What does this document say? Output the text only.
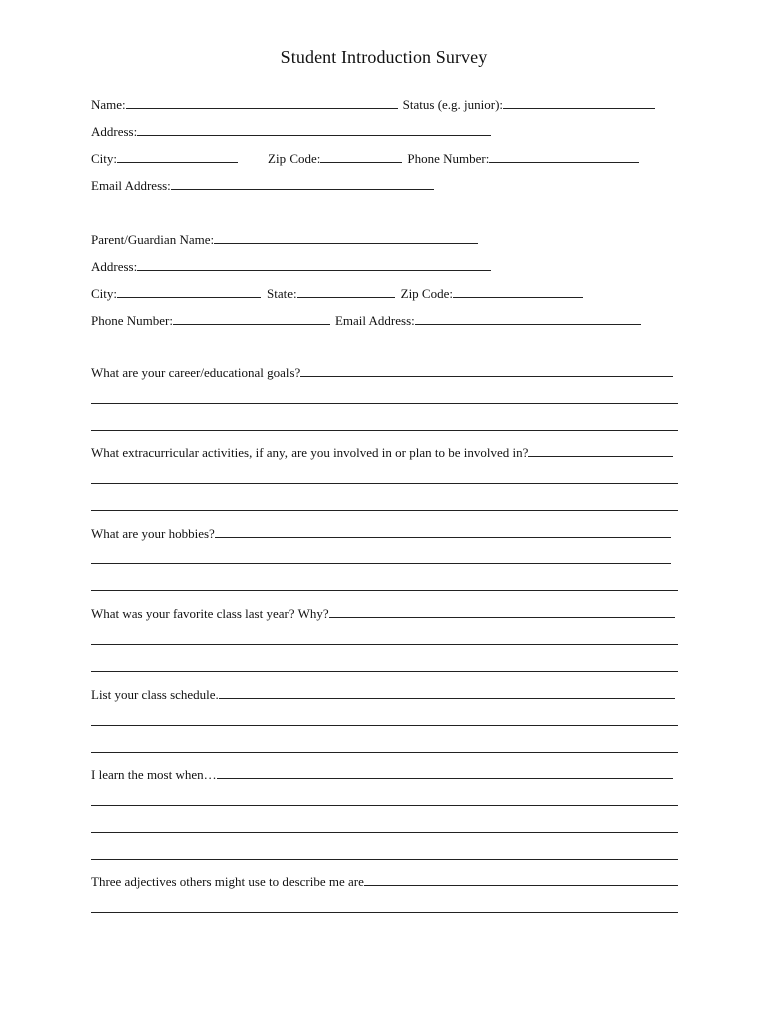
Student Introduction Survey
Name:	Status (e.g. junior):
Address:
City:	Zip Code:	Phone Number:
Email Address:
Parent/Guardian Name:
Address:
City:	State:	Zip Code:
Phone Number:	Email Address:
What are your career/educational goals?
What extracurricular activities, if any, are you involved in or plan to be involved in?
What are your hobbies?
What was your favorite class last year? Why?
List your class schedule.
I learn the most when…
Three adjectives others might use to describe me are
